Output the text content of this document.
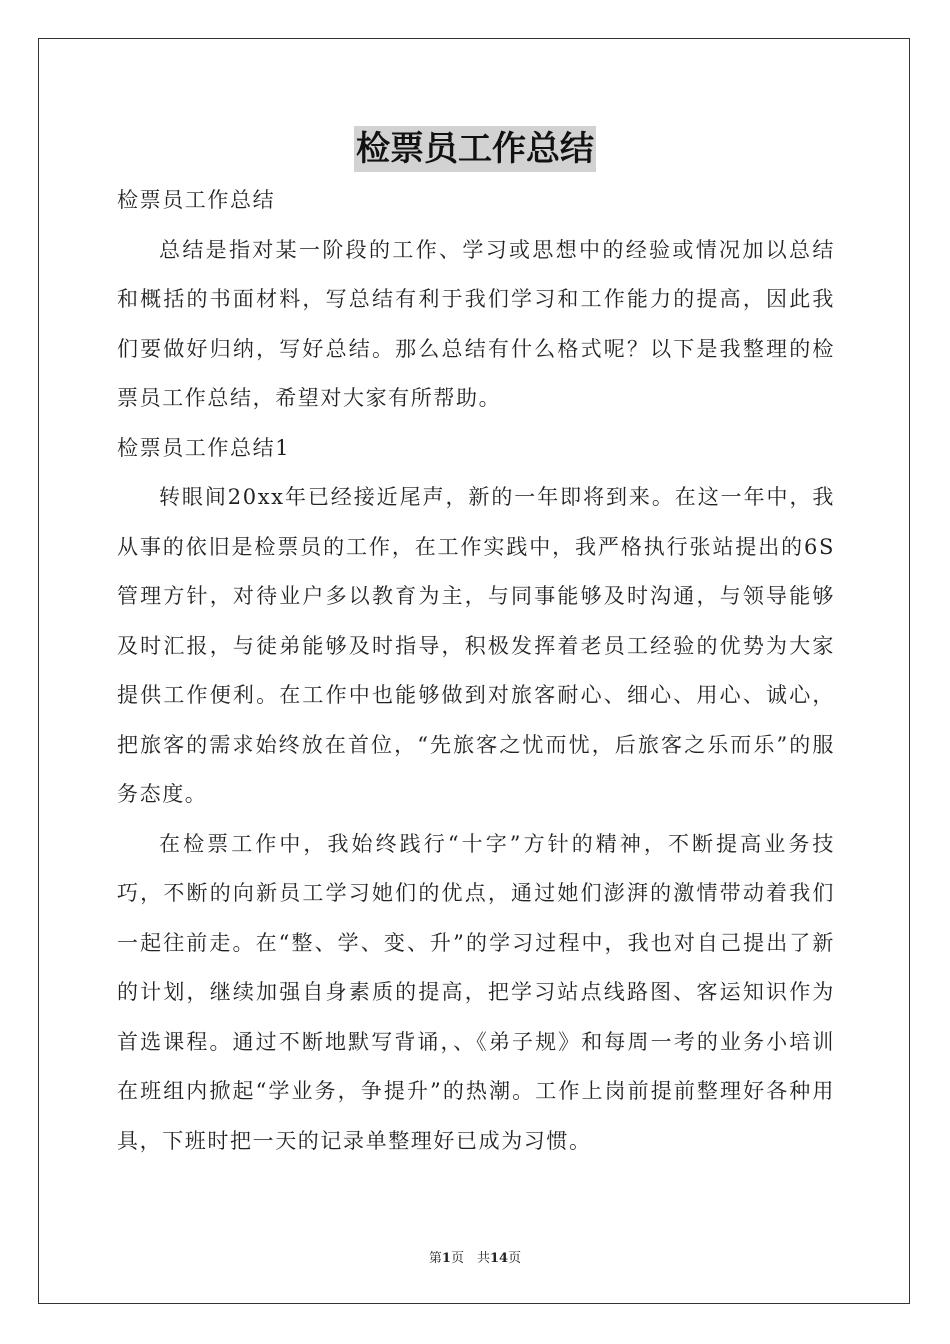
检票员工作总结

检票员工作总结

总结是指对某一阶段的工作、学习或思想中的经验或情况加以总结和概括的书面材料，写总结有利于我们学习和工作能力的提高，因此我们要做好归纳，写好总结。那么总结有什么格式呢？以下是我整理的检票员工作总结，希望对大家有所帮助。

检票员工作总结1

转眼间20xx年已经接近尾声，新的一年即将到来。在这一年中，我从事的依旧是检票员的工作，在工作实践中，我严格执行张站提出的6S管理方针，对待业户多以教育为主，与同事能够及时沟通，与领导能够及时汇报，与徒弟能够及时指导，积极发挥着老员工经验的优势为大家提供工作便利。在工作中也能够做到对旅客耐心、细心、用心、诚心，把旅客的需求始终放在首位，“先旅客之忧而忧，后旅客之乐而乐”的服务态度。

在检票工作中，我始终践行“十字”方针的精神，不断提高业务技巧，不断的向新员工学习她们的优点，通过她们澎湃的激情带动着我们一起往前走。在“整、学、变、升”的学习过程中，我也对自己提出了新的计划，继续加强自身素质的提高，把学习站点线路图、客运知识作为首选课程。通过不断地默写背诵，、《弟子规》和每周一考的业务小培训在班组内掀起“学业务，争提升”的热潮。工作上岗前提前整理好各种用具，下班时把一天的记录单整理好已成为习惯。

第1页　共14页
